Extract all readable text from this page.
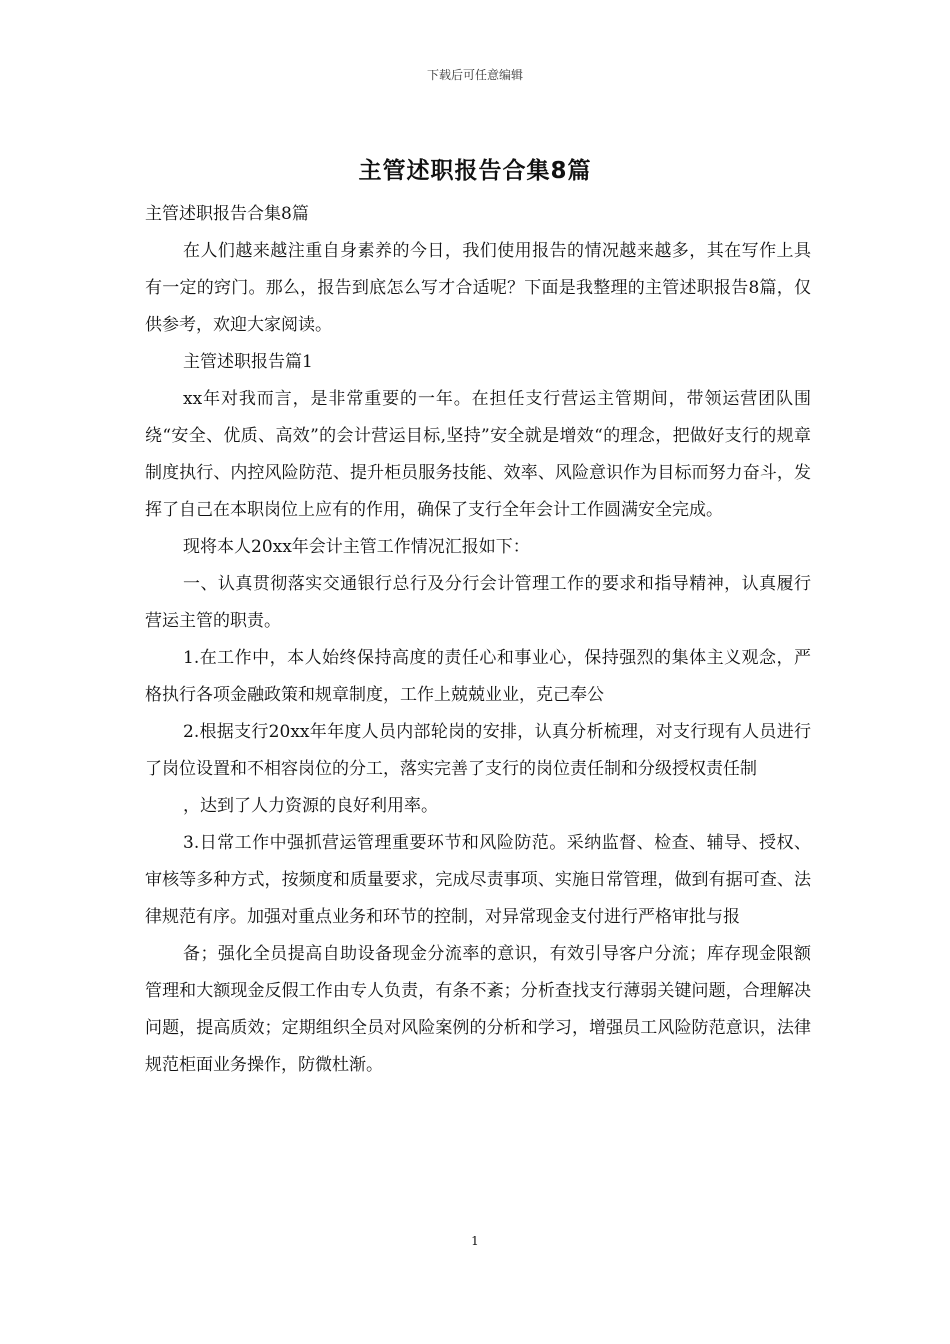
下载后可任意编辑
主管述职报告合集8篇

主管述职报告合集8篇

在人们越来越注重自身素养的今日，我们使用报告的情况越来越多，其在写作上具有一定的窍门。那么，报告到底怎么写才合适呢？下面是我整理的主管述职报告8篇，仅供参考，欢迎大家阅读。

主管述职报告篇1

xx年对我而言，是非常重要的一年。在担任支行营运主管期间，带领运营团队围绕“安全、优质、高效”的会计营运目标,坚持”安全就是增效“的理念，把做好支行的规章制度执行、内控风险防范、提升柜员服务技能、效率、风险意识作为目标而努力奋斗，发挥了自己在本职岗位上应有的作用，确保了支行全年会计工作圆满安全完成。

现将本人20xx年会计主管工作情况汇报如下：

一、认真贯彻落实交通银行总行及分行会计管理工作的要求和指导精神，认真履行营运主管的职责。

1.在工作中，本人始终保持高度的责任心和事业心，保持强烈的集体主义观念，严格执行各项金融政策和规章制度，工作上兢兢业业，克己奉公

2.根据支行20xx年年度人员内部轮岗的安排，认真分析梳理，对支行现有人员进行了岗位设置和不相容岗位的分工，落实完善了支行的岗位责任制和分级授权责任制

，达到了人力资源的良好利用率。

3.日常工作中强抓营运管理重要环节和风险防范。采纳监督、检查、辅导、授权、审核等多种方式，按频度和质量要求，完成尽责事项、实施日常管理，做到有据可查、法律规范有序。加强对重点业务和环节的控制，对异常现金支付进行严格审批与报

备；强化全员提高自助设备现金分流率的意识，有效引导客户分流；库存现金限额管理和大额现金反假工作由专人负责，有条不紊；分析查找支行薄弱关键问题，合理解决问题，提高质效；定期组织全员对风险案例的分析和学习，增强员工风险防范意识，法律规范柜面业务操作，防微杜渐。

1
